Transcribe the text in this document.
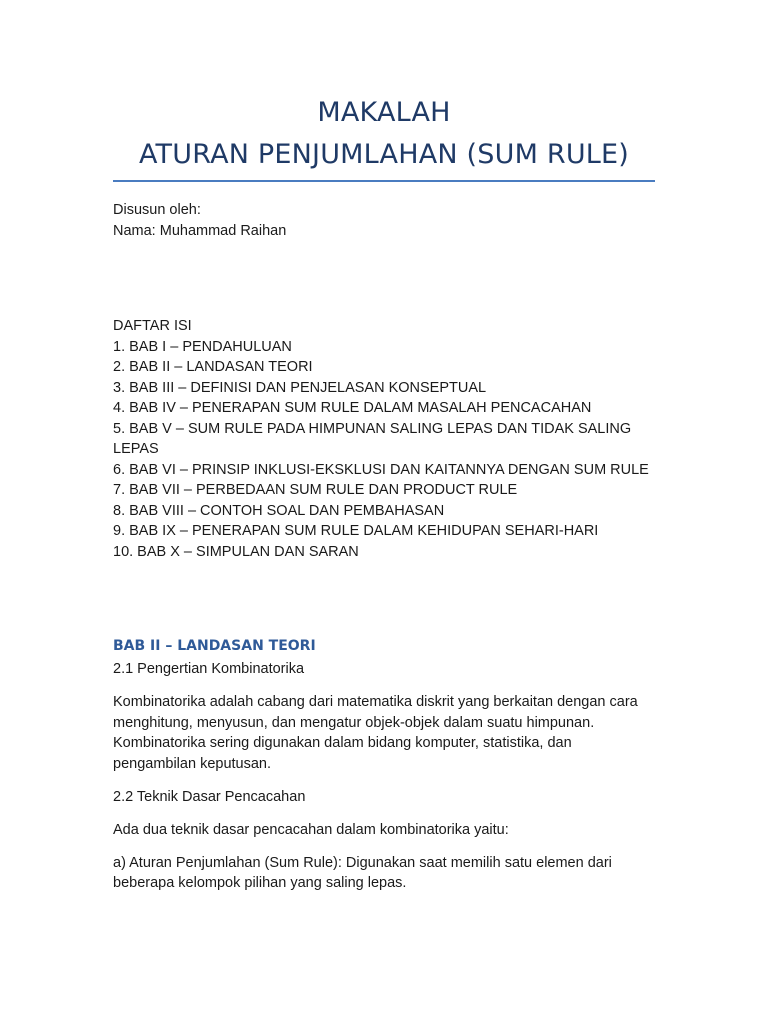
MAKALAH
ATURAN PENJUMLAHAN (SUM RULE)
Disusun oleh:
Nama: Muhammad Raihan
DAFTAR ISI
1. BAB I – PENDAHULUAN
2. BAB II – LANDASAN TEORI
3. BAB III – DEFINISI DAN PENJELASAN KONSEPTUAL
4. BAB IV – PENERAPAN SUM RULE DALAM MASALAH PENCACAHAN
5. BAB V – SUM RULE PADA HIMPUNAN SALING LEPAS DAN TIDAK SALING LEPAS
6. BAB VI – PRINSIP INKLUSI-EKSKLUSI DAN KAITANNYA DENGAN SUM RULE
7. BAB VII – PERBEDAAN SUM RULE DAN PRODUCT RULE
8. BAB VIII – CONTOH SOAL DAN PEMBAHASAN
9. BAB IX – PENERAPAN SUM RULE DALAM KEHIDUPAN SEHARI-HARI
10. BAB X – SIMPULAN DAN SARAN
BAB II – LANDASAN TEORI
2.1 Pengertian Kombinatorika
Kombinatorika adalah cabang dari matematika diskrit yang berkaitan dengan cara menghitung, menyusun, dan mengatur objek-objek dalam suatu himpunan. Kombinatorika sering digunakan dalam bidang komputer, statistika, dan pengambilan keputusan.
2.2 Teknik Dasar Pencacahan
Ada dua teknik dasar pencacahan dalam kombinatorika yaitu:
a) Aturan Penjumlahan (Sum Rule): Digunakan saat memilih satu elemen dari beberapa kelompok pilihan yang saling lepas.
